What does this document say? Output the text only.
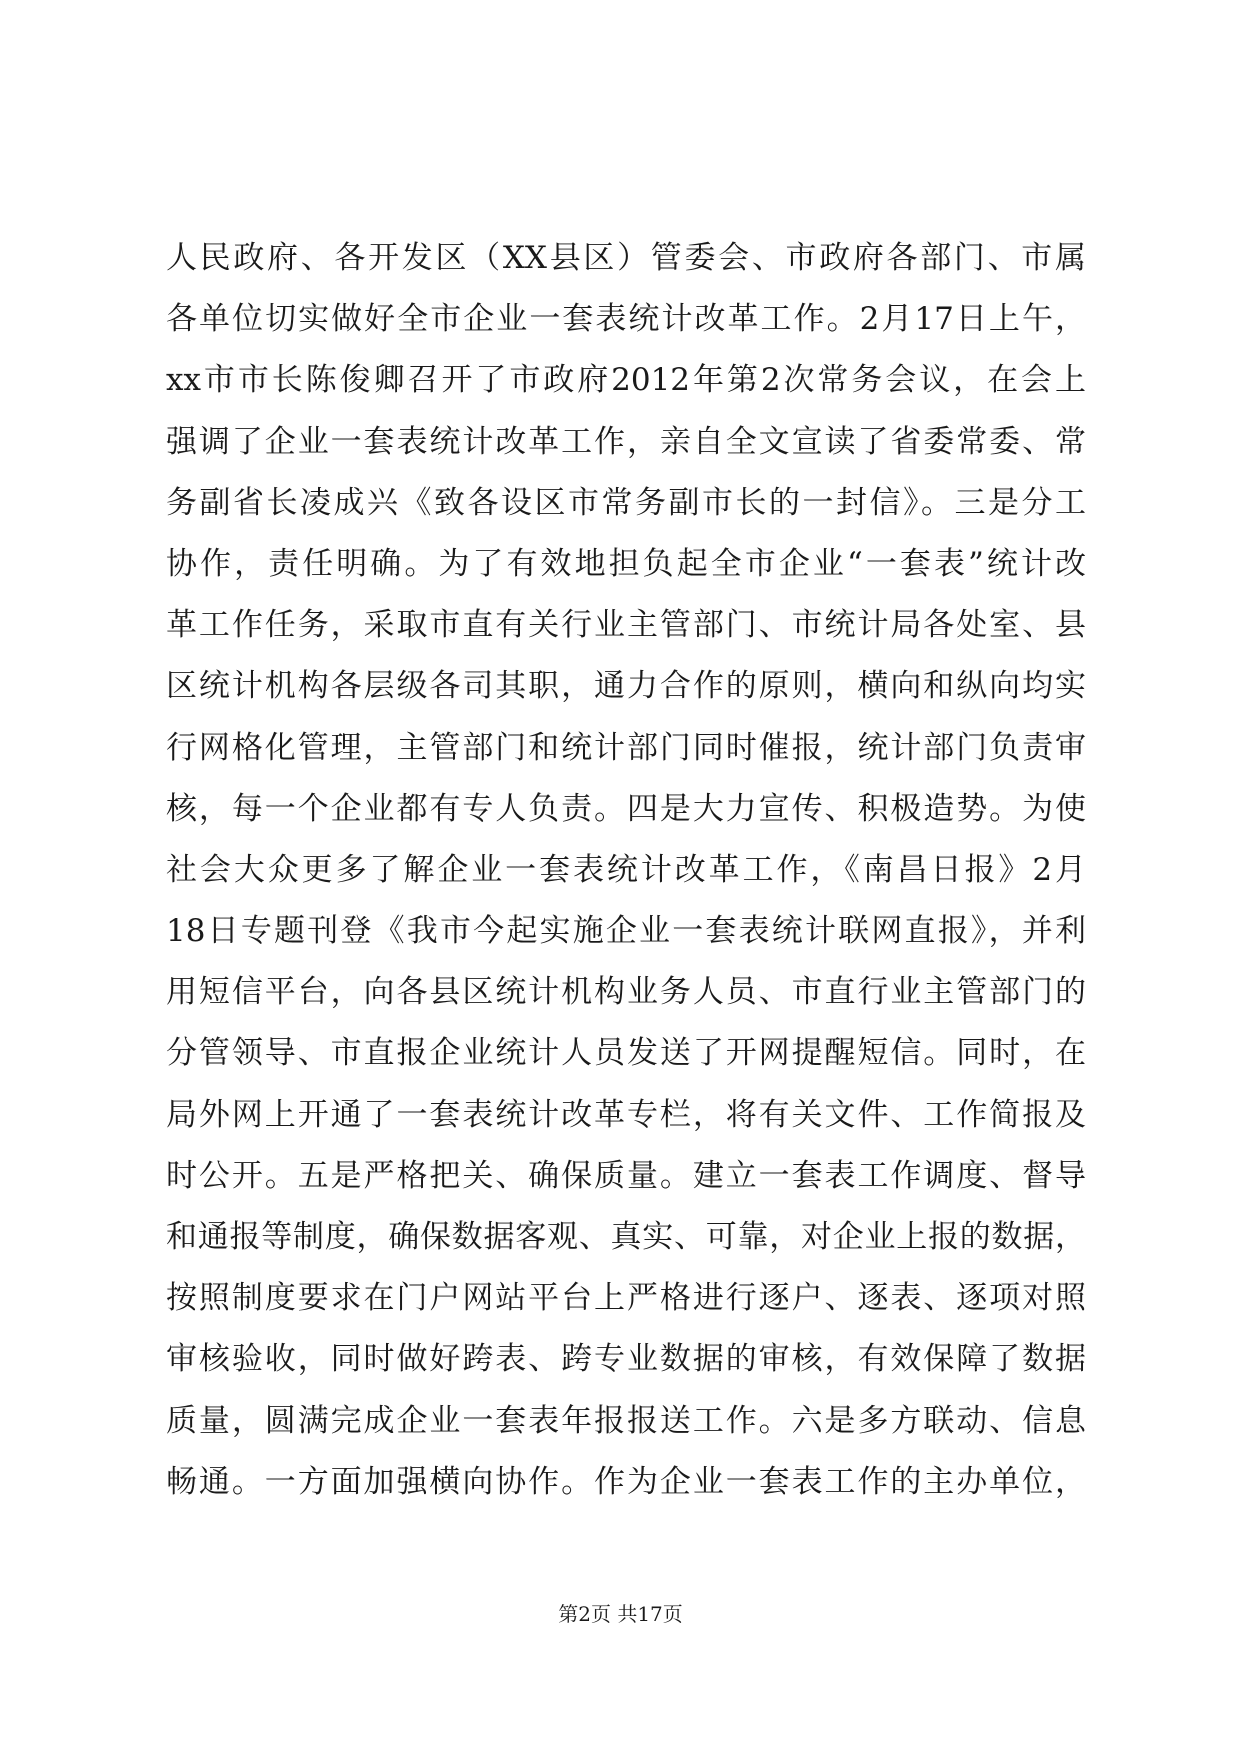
人民政府、各开发区（XX县区）管委会、市政府各部门、市属
各单位切实做好全市企业一套表统计改革工作。2月17日上午，
xx市市长陈俊卿召开了市政府2012年第2次常务会议，在会上
强调了企业一套表统计改革工作，亲自全文宣读了省委常委、常
务副省长凌成兴《致各设区市常务副市长的一封信》。三是分工
协作，责任明确。为了有效地担负起全市企业“一套表”统计改
革工作任务，采取市直有关行业主管部门、市统计局各处室、县
区统计机构各层级各司其职，通力合作的原则，横向和纵向均实
行网格化管理，主管部门和统计部门同时催报，统计部门负责审
核，每一个企业都有专人负责。四是大力宣传、积极造势。为使
社会大众更多了解企业一套表统计改革工作，《南昌日报》2月
18日专题刊登《我市今起实施企业一套表统计联网直报》，并利
用短信平台，向各县区统计机构业务人员、市直行业主管部门的
分管领导、市直报企业统计人员发送了开网提醒短信。同时，在
局外网上开通了一套表统计改革专栏，将有关文件、工作简报及
时公开。五是严格把关、确保质量。建立一套表工作调度、督导
和通报等制度，确保数据客观、真实、可靠，对企业上报的数据，
按照制度要求在门户网站平台上严格进行逐户、逐表、逐项对照
审核验收，同时做好跨表、跨专业数据的审核，有效保障了数据
质量，圆满完成企业一套表年报报送工作。六是多方联动、信息
畅通。一方面加强横向协作。作为企业一套表工作的主办单位，
第2页 共17页
